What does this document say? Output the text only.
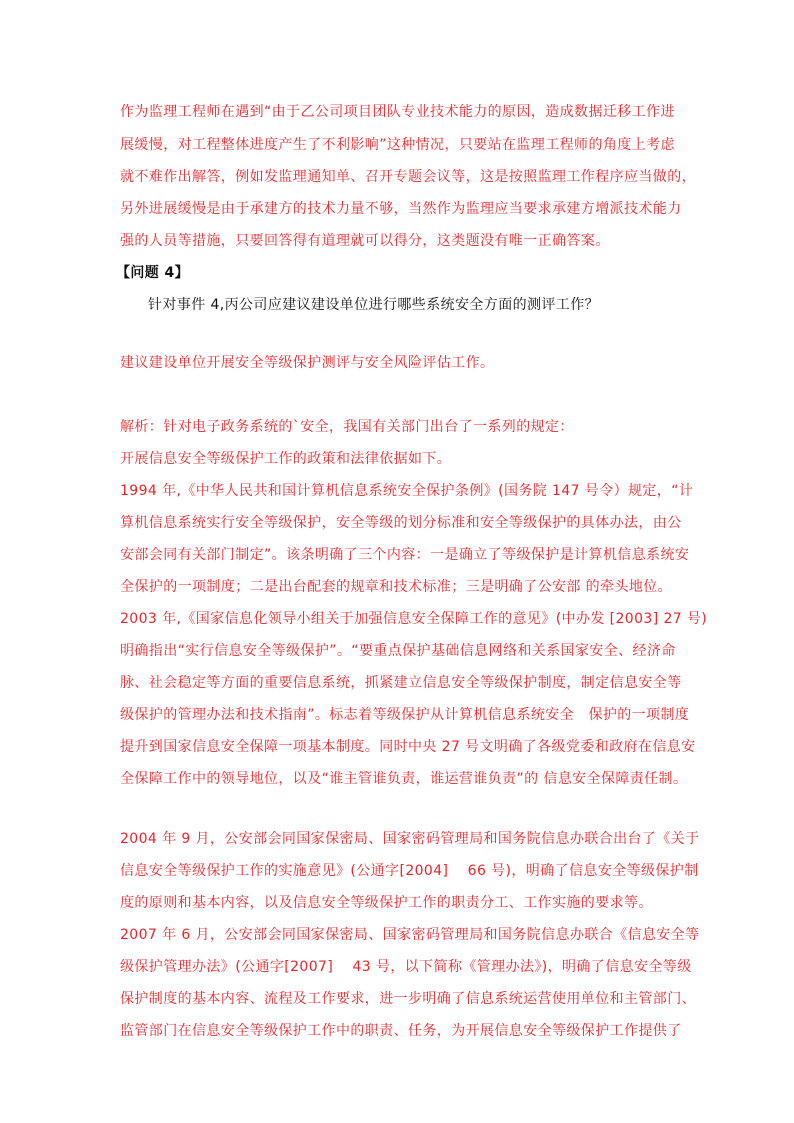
作为监理工程师在遇到“由于乙公司项目团队专业技术能力的原因，造成数据迁移工作进
展缓慢，对工程整体进度产生了不利影响”这种情况，只要站在监理工程师的角度上考虑
就不难作出解答，例如发监理通知单、召开专题会议等，这是按照监理工作程序应当做的，
另外进展缓慢是由于承建方的技术力量不够，当然作为监理应当要求承建方增派技术能力
强的人员等措施，只要回答得有道理就可以得分，这类题没有唯一正确答案。
【问题 4】
针对事件 4,丙公司应建议建设单位进行哪些系统安全方面的测评工作？
建议建设单位开展安全等级保护测评与安全风险评估工作。
解析：针对电子政务系统的`安全，我国有关部门出台了一系列的规定：
开展信息安全等级保护工作的政策和法律依据如下。
1994 年,《中华人民共和国计算机信息系统安全保护条例》(国务院 147 号令）规定，“计
算机信息系统实行安全等级保护，安全等级的划分标准和安全等级保护的具体办法，由公
安部会同有关部门制定”。该条明确了三个内容：一是确立了等级保护是计算机信息系统安
全保护的一项制度；二是出台配套的规章和技术标准；三是明确了公安部 的牵头地位。
2003 年,《国家信息化领导小组关于加强信息安全保障工作的意见》(中办发 [2003] 27 号)
明确指出“实行信息安全等级保护”。“要重点保护基础信息网络和关系国家安全、经济命
脉、社会稳定等方面的重要信息系统，抓紧建立信息安全等级保护制度，制定信息安全等
级保护的管理办法和技术指南”。标志着等级保护从计算机信息系统安全　保护的一项制度
提升到国家信息安全保障一项基本制度。同时中央 27 号文明确了各级党委和政府在信息安
全保障工作中的领导地位，以及“谁主管谁负责，谁运营谁负责”的 信息安全保障责任制。
2004 年 9 月，公安部会同国家保密局、国家密码管理局和国务院信息办联合出台了《关于
信息安全等级保护工作的实施意见》(公通字[2004]　 66 号)，明确了信息安全等级保护制
度的原则和基本内容，以及信息安全等级保护工作的职责分工、工作实施的要求等。
2007 年 6 月，公安部会同国家保密局、国家密码管理局和国务院信息办联合《信息安全等
级保护管理办法》(公通字[2007]　 43 号，以下简称《管理办法》)，明确了信息安全等级
保护制度的基本内容、流程及工作要求，进一步明确了信息系统运营使用单位和主管部门、
监管部门在信息安全等级保护工作中的职责、任务，为开展信息安全等级保护工作提供了
